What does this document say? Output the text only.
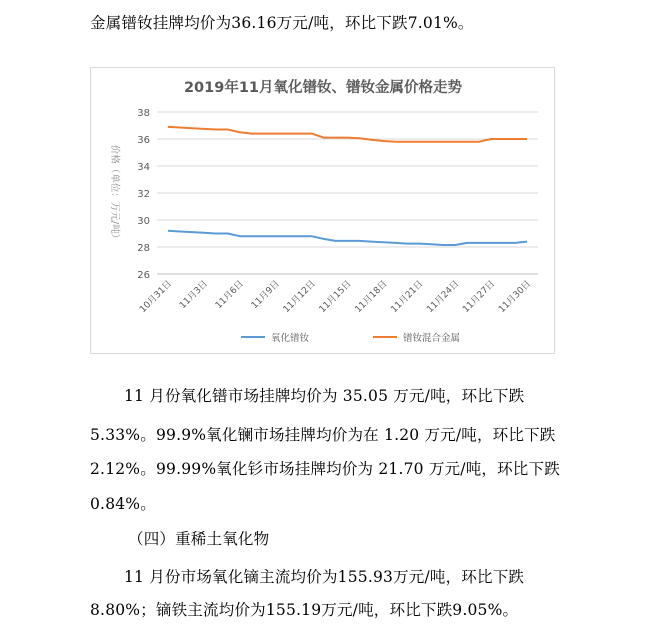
金属镨钕挂牌均价为36.16万元/吨，环比下跌7.01%。
2019年11月氧化镨钕、镨钕金属价格走势
价格（单位：万元/吨）
26
28
30
32
34
36
38
10月31日 11月3日 11月6日 11月9日 11月12日 11月15日 11月18日 11月21日 11月24日 11月27日 11月30日
氧化镨钕	镨钕混合金属
11 月份氧化镨市场挂牌均价为 35.05 万元/吨，环比下跌
5.33%。99.9%氧化镧市场挂牌均价为在 1.20 万元/吨，环比下跌
2.12%。99.99%氧化钐市场挂牌均价为 21.70 万元/吨，环比下跌
0.84%。
（四）重稀土氧化物
11 月份市场氧化镝主流均价为155.93万元/吨，环比下跌
8.80%；镝铁主流均价为155.19万元/吨，环比下跌9.05%。
